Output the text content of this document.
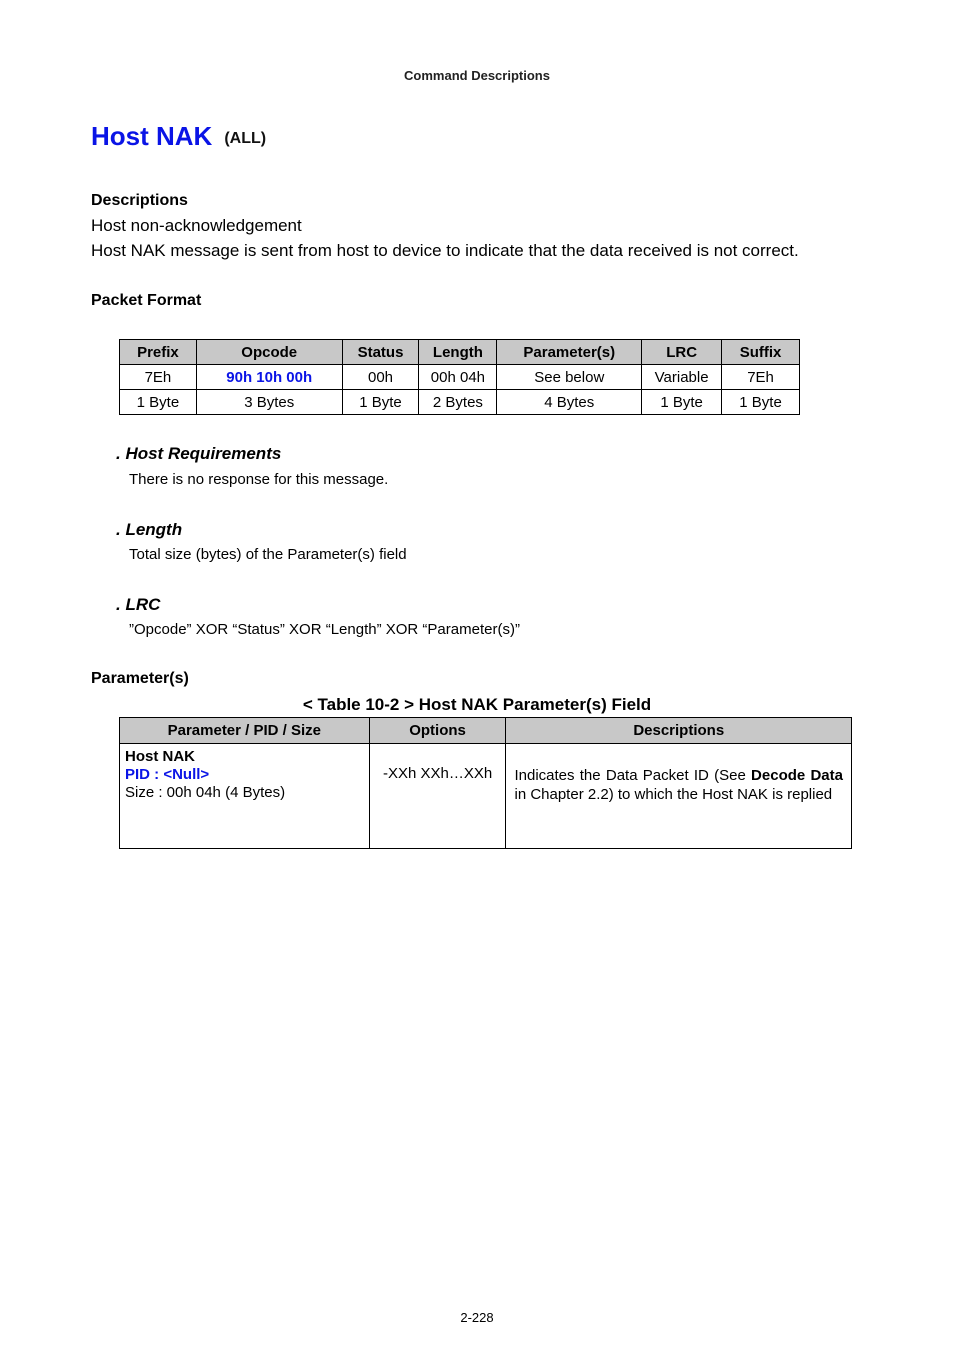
Command Descriptions
Host NAK (ALL)
Descriptions
Host non-acknowledgement
Host NAK message is sent from host to device to indicate that the data received is not correct.
Packet Format
Prefix	Opcode	Status	Length	Parameter(s)	LRC	Suffix
7Eh	90h 10h 00h	00h	00h 04h	See below	Variable	7Eh
1 Byte	3 Bytes	1 Byte	2 Bytes	4 Bytes	1 Byte	1 Byte
. Host Requirements
There is no response for this message.
. Length
Total size (bytes) of the Parameter(s) field
. LRC
”Opcode” XOR “Status” XOR “Length” XOR “Parameter(s)”
Parameter(s)
< Table 10-2 > Host NAK Parameter(s) Field
Parameter / PID / Size	Options	Descriptions

Host NAK
PID : <Null>
Size : 00h 04h (4 Bytes)	-XXh XXh…XXh	Indicates the Data Packet ID (See Decode Data in Chapter 2.2) to which the Host NAK is replied
2-228
